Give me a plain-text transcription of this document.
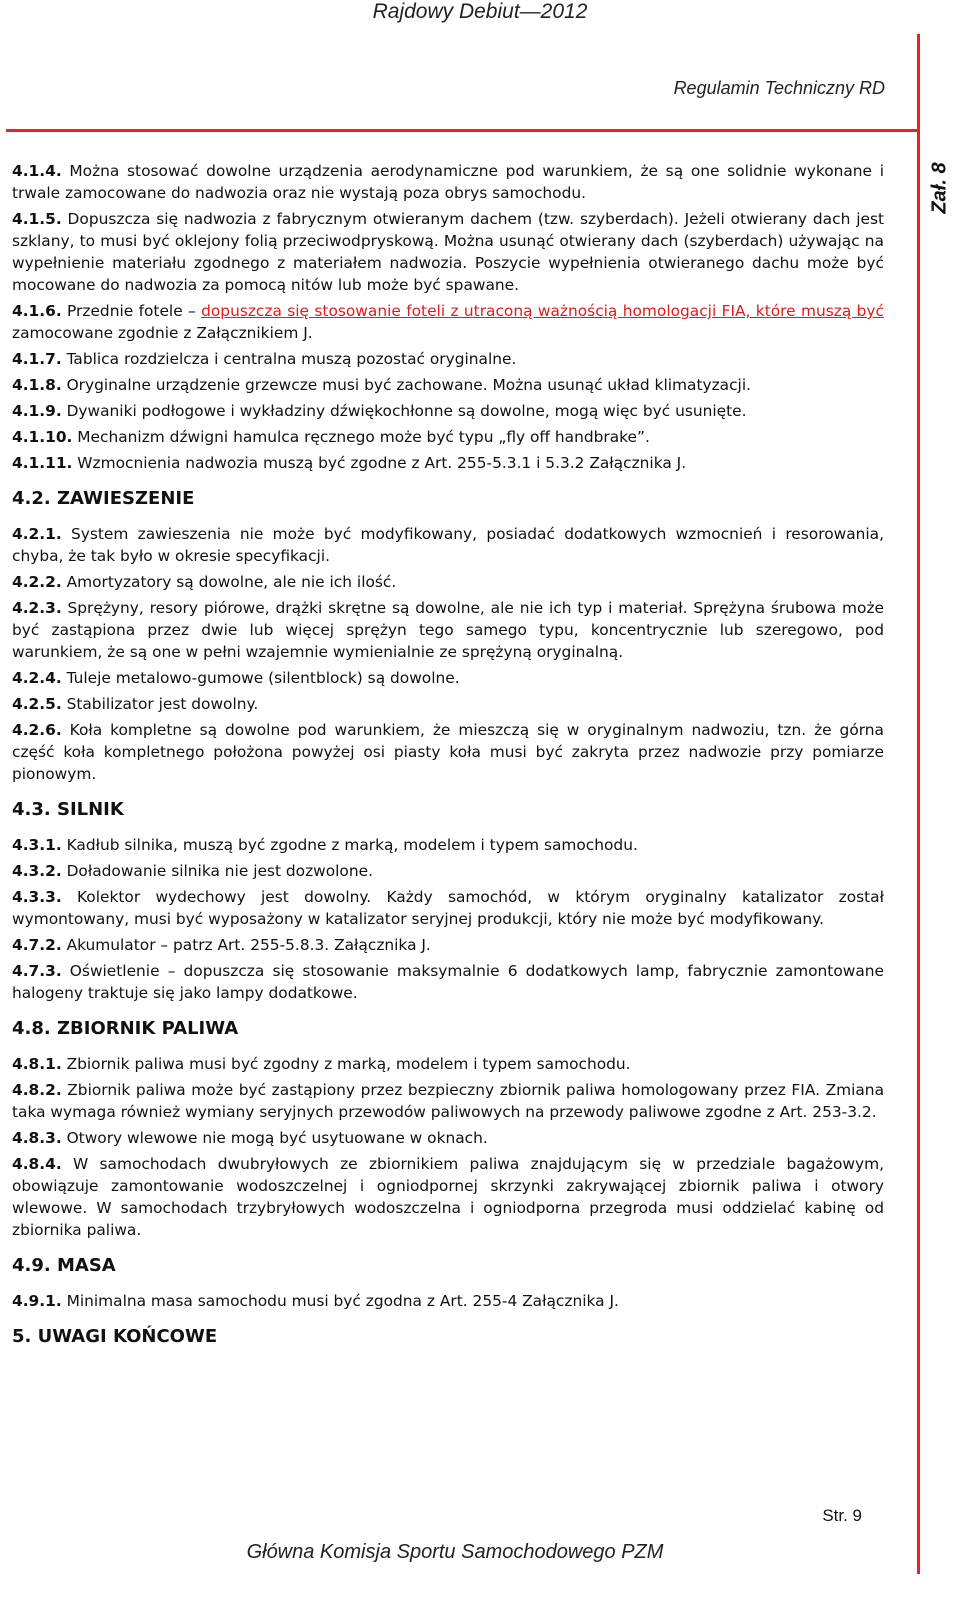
Rajdowy Debiut—2012
Regulamin Techniczny RD
Zał. 8

4.1.4. Można stosować dowolne urządzenia aerodynamiczne pod warunkiem, że są one solidnie wykonane i trwale zamocowane do nadwozia oraz nie wystają poza obrys samochodu.

4.1.5. Dopuszcza się nadwozia z fabrycznym otwieranym dachem (tzw. szyberdach). Jeżeli otwierany dach jest szklany, to musi być oklejony folią przeciwodpryskową. Można usunąć otwierany dach (szyberdach) używając na wypełnienie materiału zgodnego z materiałem nadwozia. Poszycie wypełnienia otwieranego dachu może być mocowane do nadwozia za pomocą nitów lub może być spawane.

4.1.6. Przednie fotele – dopuszcza się stosowanie foteli z utraconą ważnością homologacji FIA, które muszą być zamocowane zgodnie z Załącznikiem J.

4.1.7. Tablica rozdzielcza i centralna muszą pozostać oryginalne.

4.1.8. Oryginalne urządzenie grzewcze musi być zachowane. Można usunąć układ klimatyzacji.

4.1.9. Dywaniki podłogowe i wykładziny dźwiękochłonne są dowolne, mogą więc być usunięte.

4.1.10. Mechanizm dźwigni hamulca ręcznego może być typu „fly off handbrake”.

4.1.11. Wzmocnienia nadwozia muszą być zgodne z Art. 255-5.3.1 i 5.3.2 Załącznika J.

4.2. ZAWIESZENIE

4.2.1. System zawieszenia nie może być modyfikowany, posiadać dodatkowych wzmocnień i resorowania, chyba, że tak było w okresie specyfikacji.

4.2.2. Amortyzatory są dowolne, ale nie ich ilość.

4.2.3. Sprężyny, resory piórowe, drążki skrętne są dowolne, ale nie ich typ i materiał. Sprężyna śrubowa może być zastąpiona przez dwie lub więcej sprężyn tego samego typu, koncentrycznie lub szeregowo, pod warunkiem, że są one w pełni wzajemnie wymienialnie ze sprężyną oryginalną.

4.2.4. Tuleje metalowo-gumowe (silentblock) są dowolne.

4.2.5. Stabilizator jest dowolny.

4.2.6. Koła kompletne są dowolne pod warunkiem, że mieszczą się w oryginalnym nadwoziu, tzn. że górna część koła kompletnego położona powyżej osi piasty koła musi być zakryta przez nadwozie przy pomiarze pionowym.

4.3. SILNIK

4.3.1. Kadłub silnika, muszą być zgodne z marką, modelem i typem samochodu.

4.3.2. Doładowanie silnika nie jest dozwolone.

4.3.3. Kolektor wydechowy jest dowolny. Każdy samochód, w którym oryginalny katalizator został wymontowany, musi być wyposażony w katalizator seryjnej produkcji, który nie może być modyfikowany.

4.7.2. Akumulator – patrz Art. 255-5.8.3. Załącznika J.

4.7.3. Oświetlenie – dopuszcza się stosowanie maksymalnie 6 dodatkowych lamp, fabrycznie zamontowane halogeny traktuje się jako lampy dodatkowe.

4.8. ZBIORNIK PALIWA

4.8.1. Zbiornik paliwa musi być zgodny z marką, modelem i typem samochodu.

4.8.2. Zbiornik paliwa może być zastąpiony przez bezpieczny zbiornik paliwa homologowany przez FIA. Zmiana taka wymaga również wymiany seryjnych przewodów paliwowych na przewody paliwowe zgodne z Art. 253-3.2.

4.8.3. Otwory wlewowe nie mogą być usytuowane w oknach.

4.8.4. W samochodach dwubryłowych ze zbiornikiem paliwa znajdującym się w przedziale bagażowym, obowiązuje zamontowanie wodoszczelnej i ogniodpornej skrzynki zakrywającej zbiornik paliwa i otwory wlewowe. W samochodach trzybryłowych wodoszczelna i ogniodporna przegroda musi oddzielać kabinę od zbiornika paliwa.

4.9. MASA

4.9.1. Minimalna masa samochodu musi być zgodna z Art. 255-4 Załącznika J.

5. UWAGI KOŃCOWE
Str. 9
Główna Komisja Sportu Samochodowego PZM
